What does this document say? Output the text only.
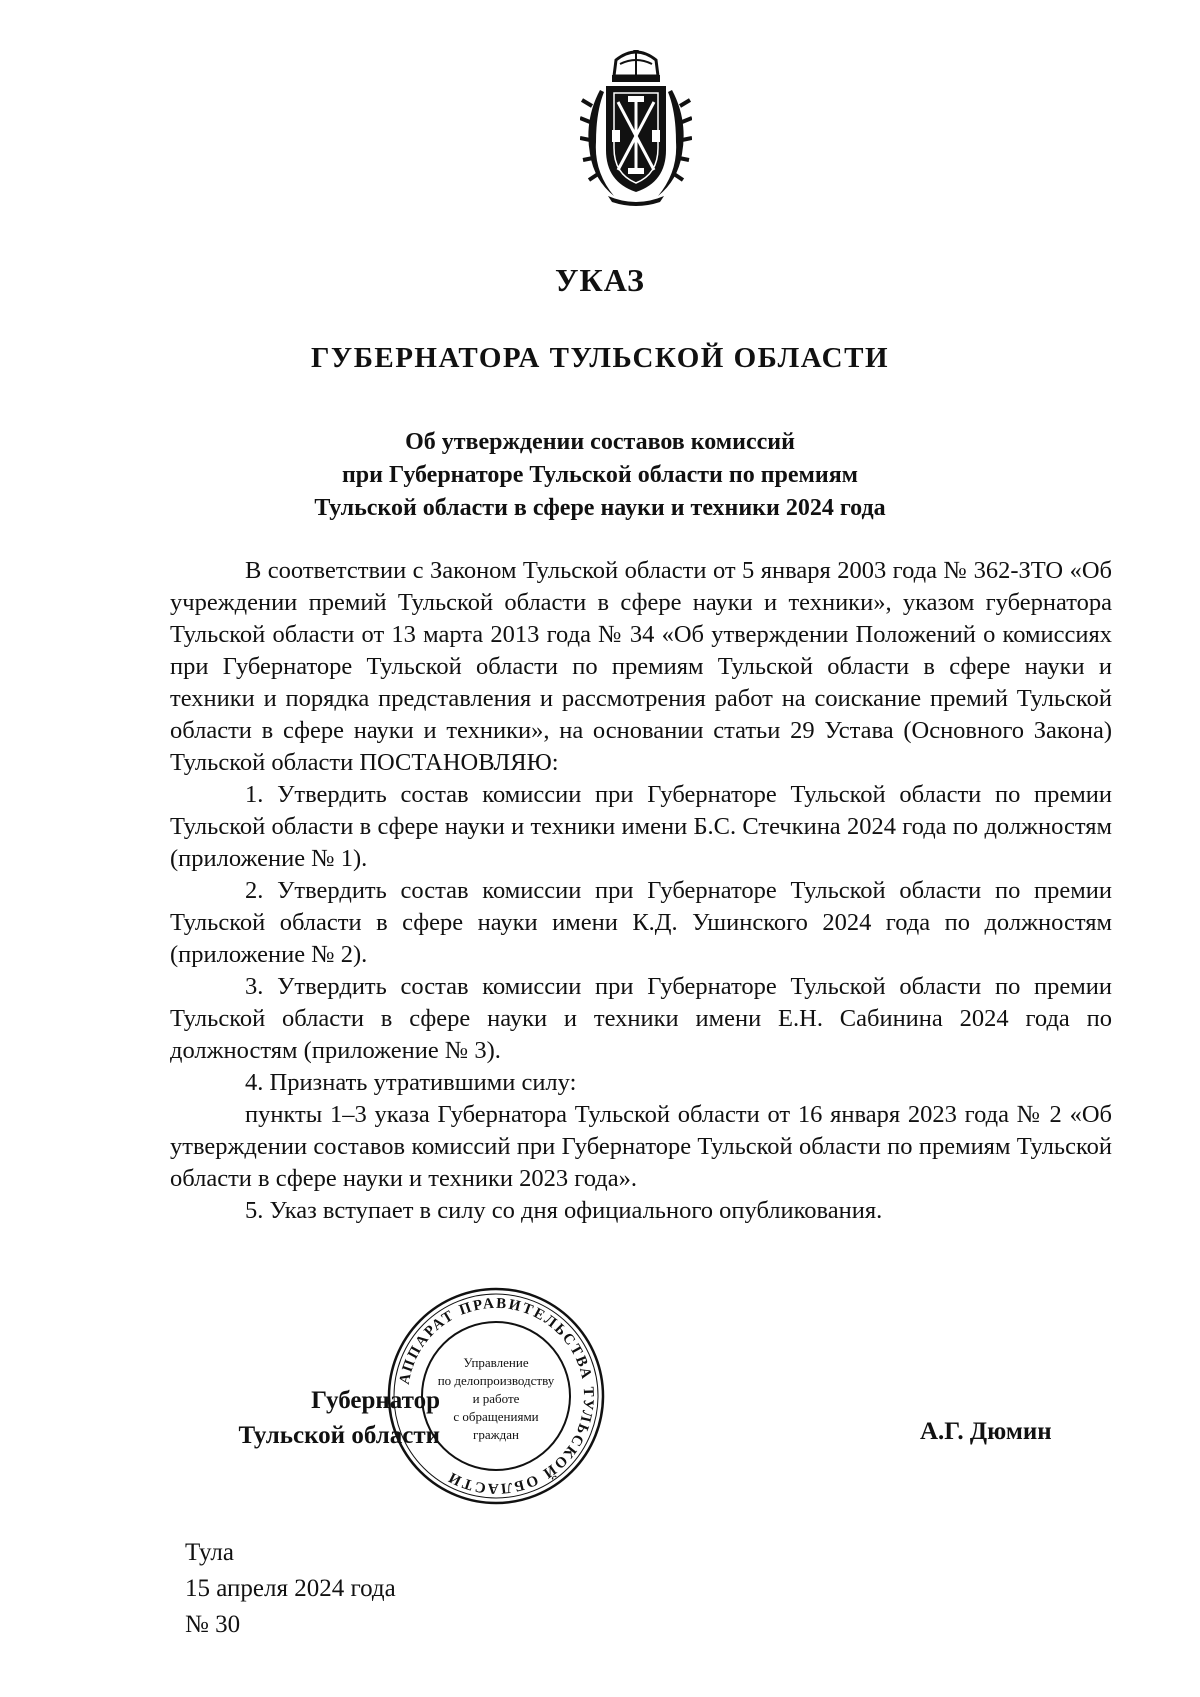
УКАЗ
ГУБЕРНАТОРА ТУЛЬСКОЙ ОБЛАСТИ
Об утверждении составов комиссий
при Губернаторе Тульской области по премиям
Тульской области в сфере науки и техники 2024 года

В соответствии с Законом Тульской области от 5 января 2003 года № 362-ЗТО «Об учреждении премий Тульской области в сфере науки и техники», указом губернатора Тульской области от 13 марта 2013 года № 34 «Об утверждении Положений о комиссиях при Губернаторе Тульской области по премиям Тульской области в сфере науки и техники и порядка представления и рассмотрения работ на соискание премий Тульской области в сфере науки и техники», на основании статьи 29 Устава (Основного Закона) Тульской области ПОСТАНОВЛЯЮ:

1. Утвердить состав комиссии при Губернаторе Тульской области по премии Тульской области в сфере науки и техники имени Б.С. Стечкина 2024 года по должностям (приложение № 1).

2. Утвердить состав комиссии при Губернаторе Тульской области по премии Тульской области в сфере науки имени К.Д. Ушинского 2024 года по должностям (приложение № 2).

3. Утвердить состав комиссии при Губернаторе Тульской области по премии Тульской области в сфере науки и техники имени Е.Н. Сабинина 2024 года по должностям (приложение № 3).

4. Признать утратившими силу:

пункты 1–3 указа Губернатора Тульской области от 16 января 2023 года № 2 «Об утверждении составов комиссий при Губернаторе Тульской области по премиям Тульской области в сфере науки и техники 2023 года».

5. Указ вступает в силу со дня официального опубликования.

АППАРАТ ПРАВИТЕЛЬСТВА ТУЛЬСКОЙ ОБЛАСТИ
Управление
по делопроизводству
и работе
с обращениями
граждан
Губернатор
Тульской области	А.Г. Дюмин
Тула
15 апреля 2024 года
№ 30
